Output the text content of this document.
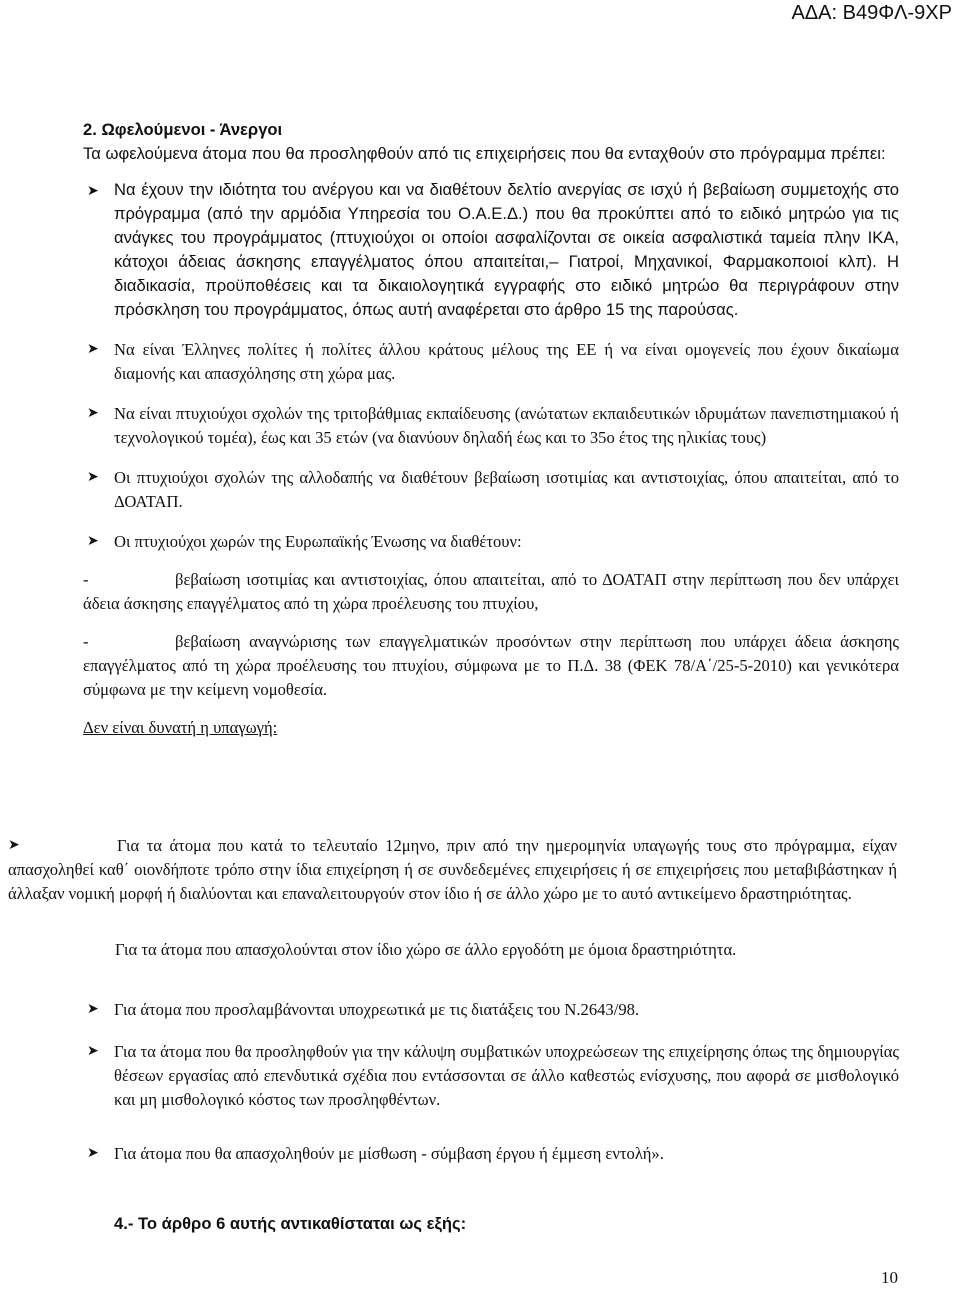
ΑΔΑ: Β49ΦΛ-9ΧΡ
2. Ωφελούμενοι - Άνεργοι
Τα ωφελούμενα άτομα που θα προσληφθούν από τις επιχειρήσεις που θα ενταχθούν στο πρόγραμμα πρέπει:
➤ Να έχουν την ιδιότητα του ανέργου και να διαθέτουν δελτίο ανεργίας σε ισχύ ή βεβαίωση συμμετοχής στο πρόγραμμα (από την αρμόδια Υπηρεσία του Ο.Α.Ε.Δ.) που θα προκύπτει από το ειδικό μητρώο για τις ανάγκες του προγράμματος (πτυχιούχοι οι οποίοι ασφαλίζονται σε οικεία ασφαλιστικά ταμεία πλην ΙΚΑ, κάτοχοι άδειας άσκησης επαγγέλματος όπου απαιτείται,– Γιατροί, Μηχανικοί, Φαρμακοποιοί κλπ). Η διαδικασία, προϋποθέσεις και τα δικαιολογητικά εγγραφής στο ειδικό μητρώο θα περιγράφουν στην πρόσκληση του προγράμματος, όπως αυτή αναφέρεται στο άρθρο 15 της παρούσας.
➤ Να είναι Έλληνες πολίτες ή πολίτες άλλου κράτους μέλους της ΕΕ ή να είναι ομογενείς που έχουν δικαίωμα διαμονής και απασχόλησης στη χώρα μας.
➤ Να είναι πτυχιούχοι σχολών της τριτοβάθμιας εκπαίδευσης (ανώτατων εκπαιδευτικών ιδρυμάτων πανεπιστημιακού ή τεχνολογικού τομέα), έως και 35 ετών (να διανύουν δηλαδή έως και το 35ο έτος της ηλικίας τους)
➤ Οι πτυχιούχοι σχολών της αλλοδαπής να διαθέτουν βεβαίωση ισοτιμίας και αντιστοιχίας, όπου απαιτείται, από το ΔΟΑΤΑΠ.
➤ Οι πτυχιούχοι χωρών της Ευρωπαϊκής Ένωσης να διαθέτουν:
-	βεβαίωση ισοτιμίας και αντιστοιχίας, όπου απαιτείται, από το ΔΟΑΤΑΠ στην περίπτωση που δεν υπάρχει άδεια άσκησης επαγγέλματος από τη χώρα προέλευσης του πτυχίου,
-	βεβαίωση αναγνώρισης των επαγγελματικών προσόντων στην περίπτωση που υπάρχει άδεια άσκησης επαγγέλματος από τη χώρα προέλευσης του πτυχίου, σύμφωνα με το Π.Δ. 38 (ΦΕΚ 78/Α΄/25-5-2010) και γενικότερα σύμφωνα με την κείμενη νομοθεσία.
Δεν είναι δυνατή η υπαγωγή:
➤	Για τα άτομα που κατά το τελευταίο 12μηνο, πριν από την ημερομηνία υπαγωγής τους στο πρόγραμμα, είχαν απασχοληθεί καθ΄ οιονδήποτε τρόπο στην ίδια επιχείρηση ή σε συνδεδεμένες επιχειρήσεις ή σε επιχειρήσεις που μεταβιβάστηκαν ή άλλαξαν νομική μορφή ή διαλύονται και επαναλειτουργούν στον ίδιο ή σε άλλο χώρο με το αυτό αντικείμενο δραστηριότητας.
Για τα άτομα που απασχολούνται στον ίδιο χώρο σε άλλο εργοδότη με όμοια δραστηριότητα.
➤ Για άτομα που προσλαμβάνονται υποχρεωτικά με τις διατάξεις του Ν.2643/98.
➤ Για τα άτομα που θα προσληφθούν για την κάλυψη συμβατικών υποχρεώσεων της επιχείρησης όπως της δημιουργίας θέσεων εργασίας από επενδυτικά σχέδια που εντάσσονται σε άλλο καθεστώς ενίσχυσης, που αφορά σε μισθολογικό και μη μισθολογικό κόστος των προσληφθέντων.
➤ Για άτομα που θα απασχοληθούν με μίσθωση - σύμβαση έργου ή έμμεση εντολή».
4.- Το άρθρο 6 αυτής αντικαθίσταται ως εξής:
10
